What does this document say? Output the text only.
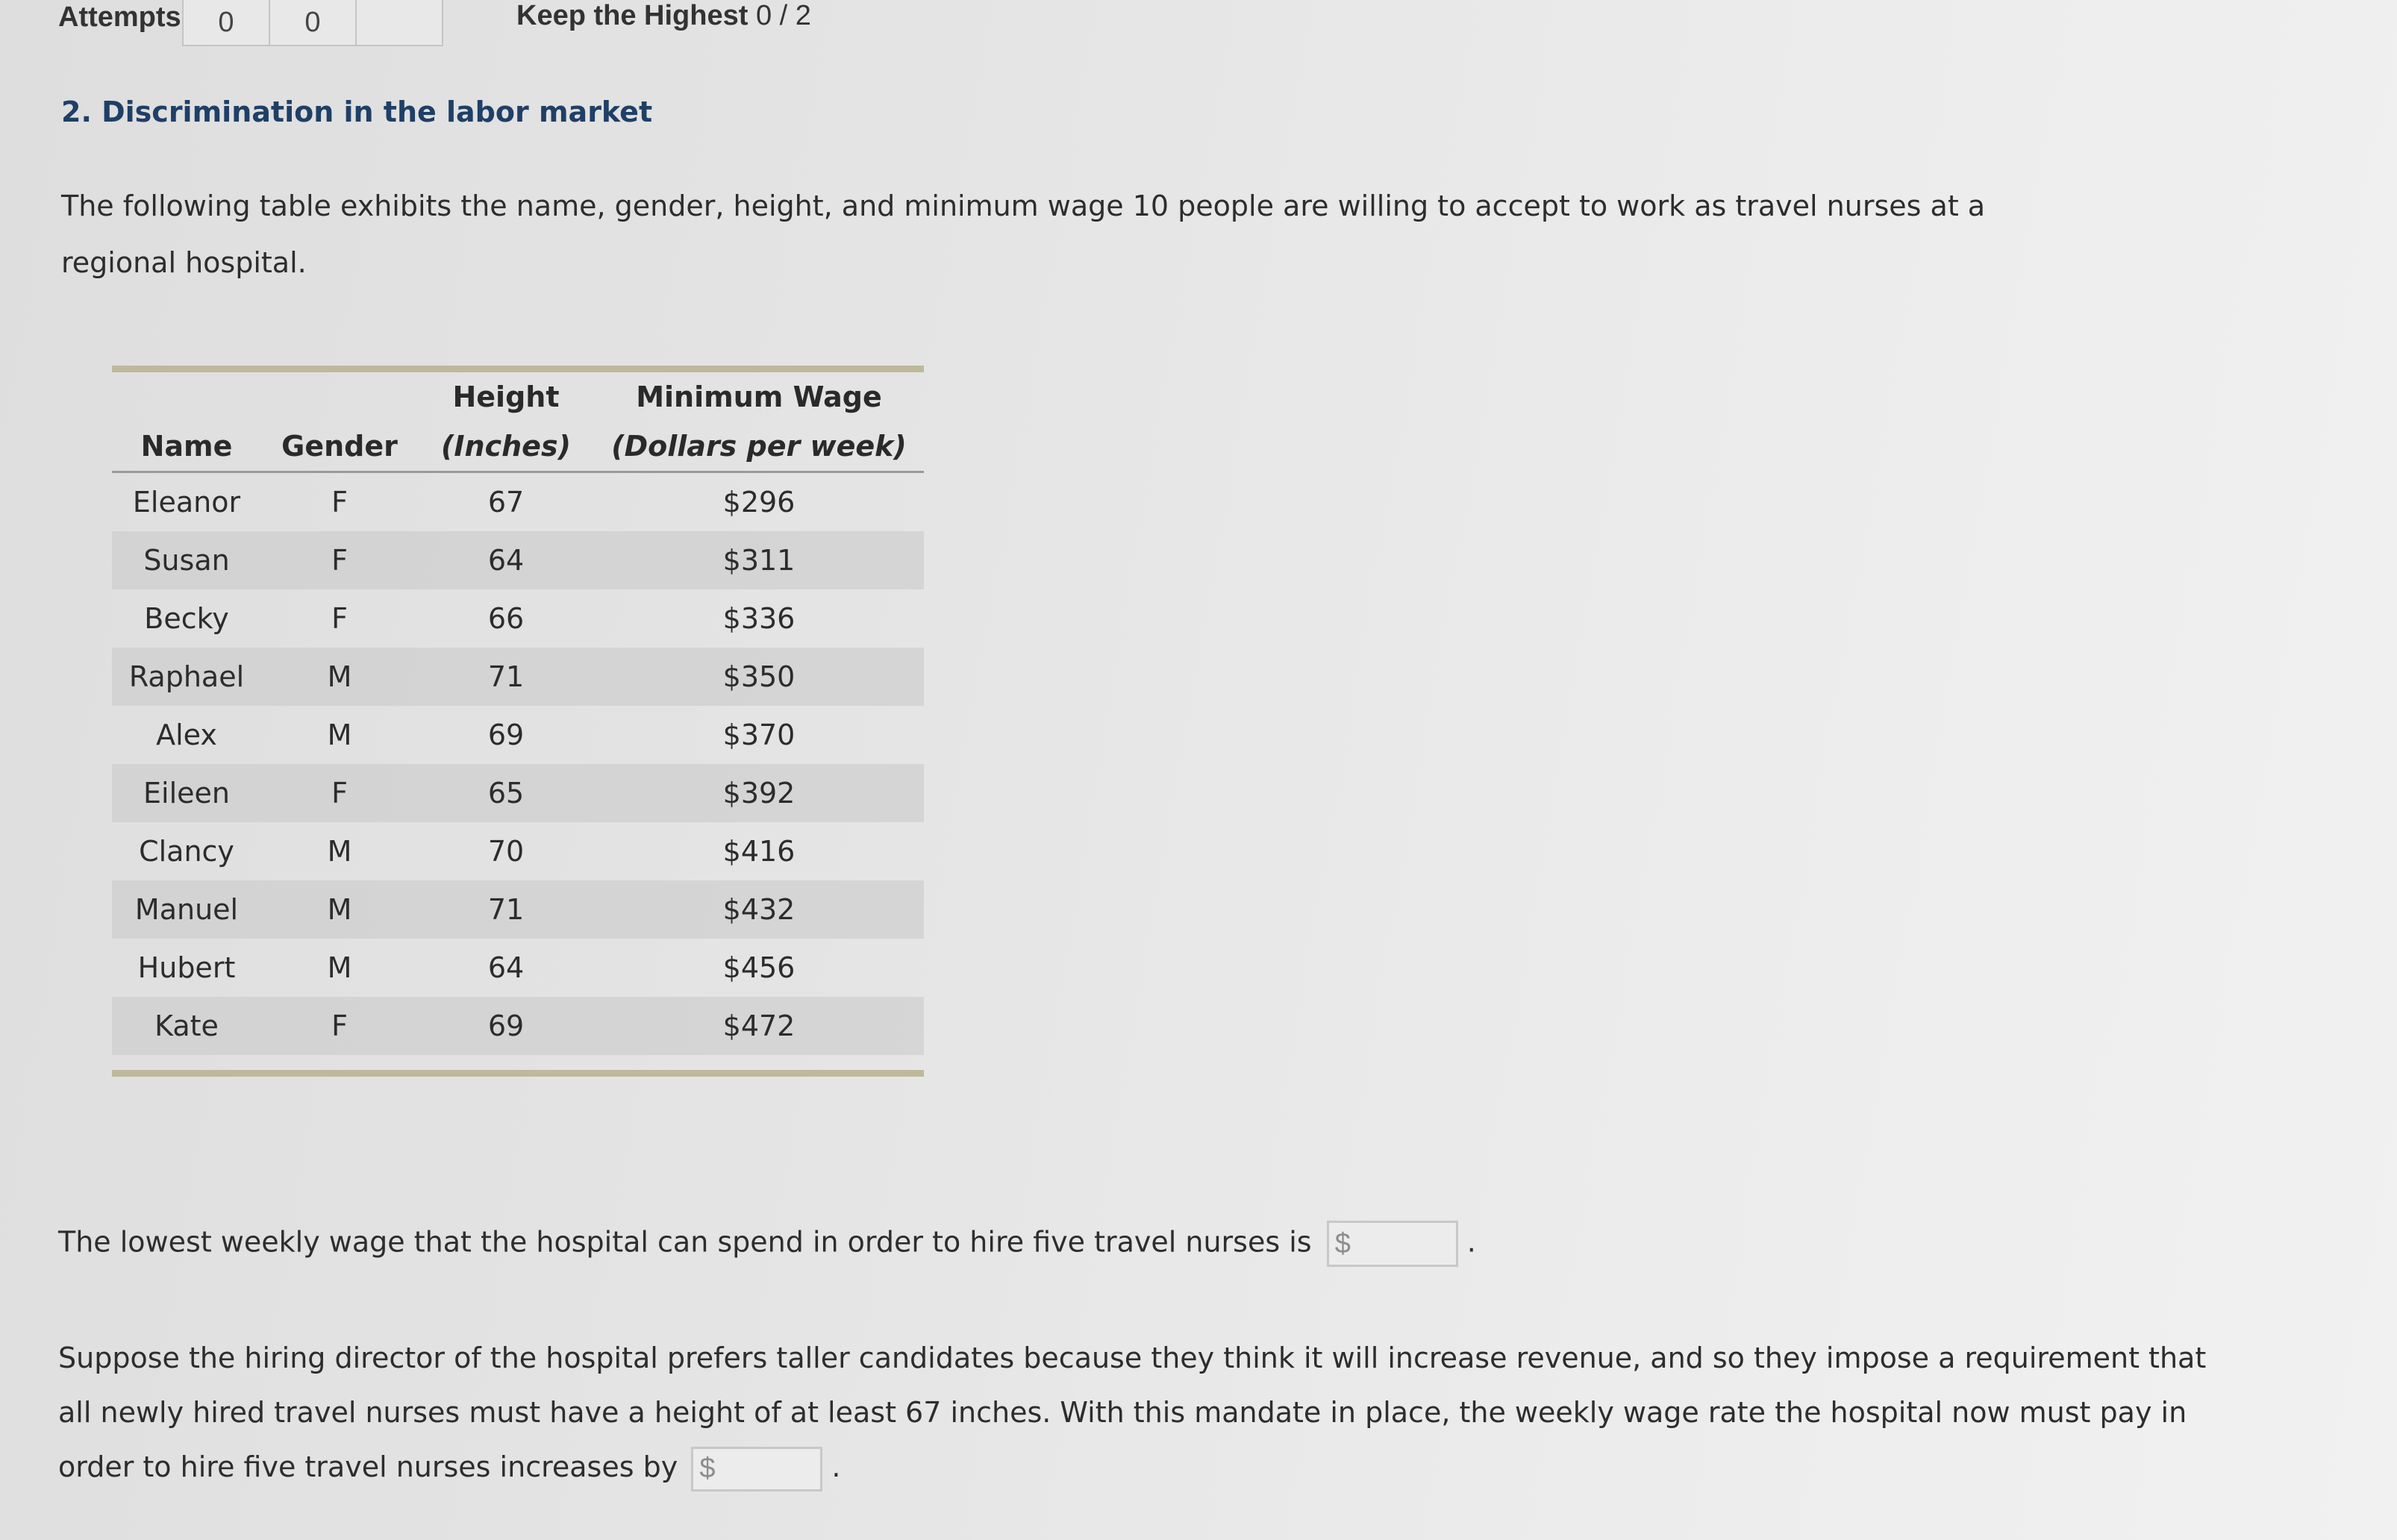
Attempts	0	0	Keep the Highest 0 / 2
2. Discrimination in the labor market
The following table exhibits the name, gender, height, and minimum wage 10 people are willing to accept to work as travel nurses at a regional hospital.
		Height	Minimum Wage
Name	Gender	(Inches)	(Dollars per week)
Eleanor	F	67	$296
Susan	F	64	$311
Becky	F	66	$336
Raphael	M	71	$350
Alex	M	69	$370
Eileen	F	65	$392
Clancy	M	70	$416
Manuel	M	71	$432
Hubert	M	64	$456
Kate	F	69	$472
The lowest weekly wage that the hospital can spend in order to hire five travel nurses is $	.
Suppose the hiring director of the hospital prefers taller candidates because they think it will increase revenue, and so they impose a requirement that all newly hired travel nurses must have a height of at least 67 inches. With this mandate in place, the weekly wage rate the hospital now must pay in order to hire five travel nurses increases by $	.
